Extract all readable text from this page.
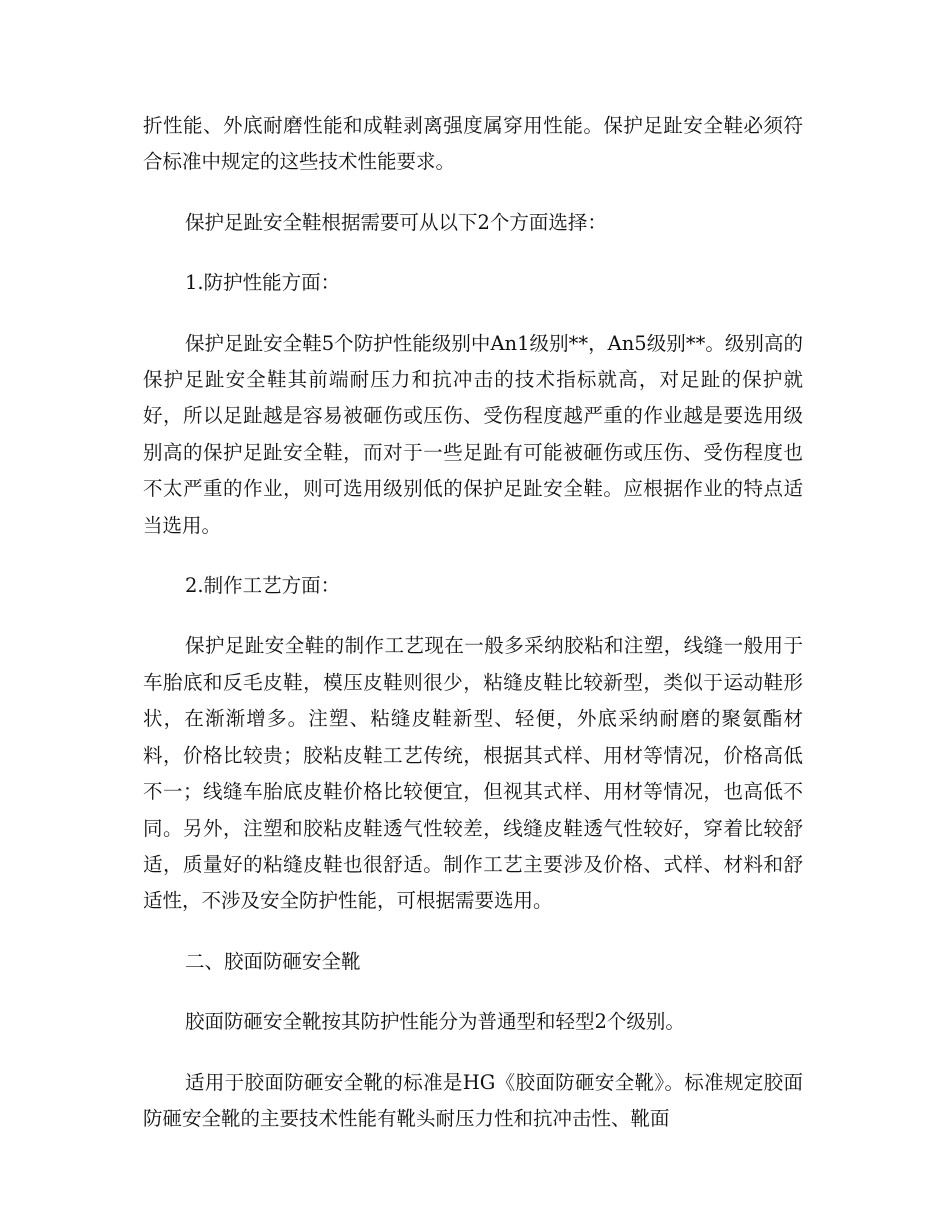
折性能、外底耐磨性能和成鞋剥离强度属穿用性能。保护足趾安全鞋必须符合标准中规定的这些技术性能要求。

保护足趾安全鞋根据需要可从以下2个方面选择：

1.防护性能方面：

保护足趾安全鞋5个防护性能级别中An1级别**，An5级别**。级别高的保护足趾安全鞋其前端耐压力和抗冲击的技术指标就高，对足趾的保护就好，所以足趾越是容易被砸伤或压伤、受伤程度越严重的作业越是要选用级别高的保护足趾安全鞋，而对于一些足趾有可能被砸伤或压伤、受伤程度也不太严重的作业，则可选用级别低的保护足趾安全鞋。应根据作业的特点适当选用。

2.制作工艺方面：

保护足趾安全鞋的制作工艺现在一般多采纳胶粘和注塑，线缝一般用于车胎底和反毛皮鞋，模压皮鞋则很少，粘缝皮鞋比较新型，类似于运动鞋形状，在渐渐增多。注塑、粘缝皮鞋新型、轻便，外底采纳耐磨的聚氨酯材料，价格比较贵；胶粘皮鞋工艺传统，根据其式样、用材等情况，价格高低不一；线缝车胎底皮鞋价格比较便宜，但视其式样、用材等情况，也高低不同。另外，注塑和胶粘皮鞋透气性较差，线缝皮鞋透气性较好，穿着比较舒适，质量好的粘缝皮鞋也很舒适。制作工艺主要涉及价格、式样、材料和舒适性，不涉及安全防护性能，可根据需要选用。

二、胶面防砸安全靴

胶面防砸安全靴按其防护性能分为普通型和轻型2个级别。

适用于胶面防砸安全靴的标准是HG《胶面防砸安全靴》。标准规定胶面防砸安全靴的主要技术性能有靴头耐压力性和抗冲击性、靴面
